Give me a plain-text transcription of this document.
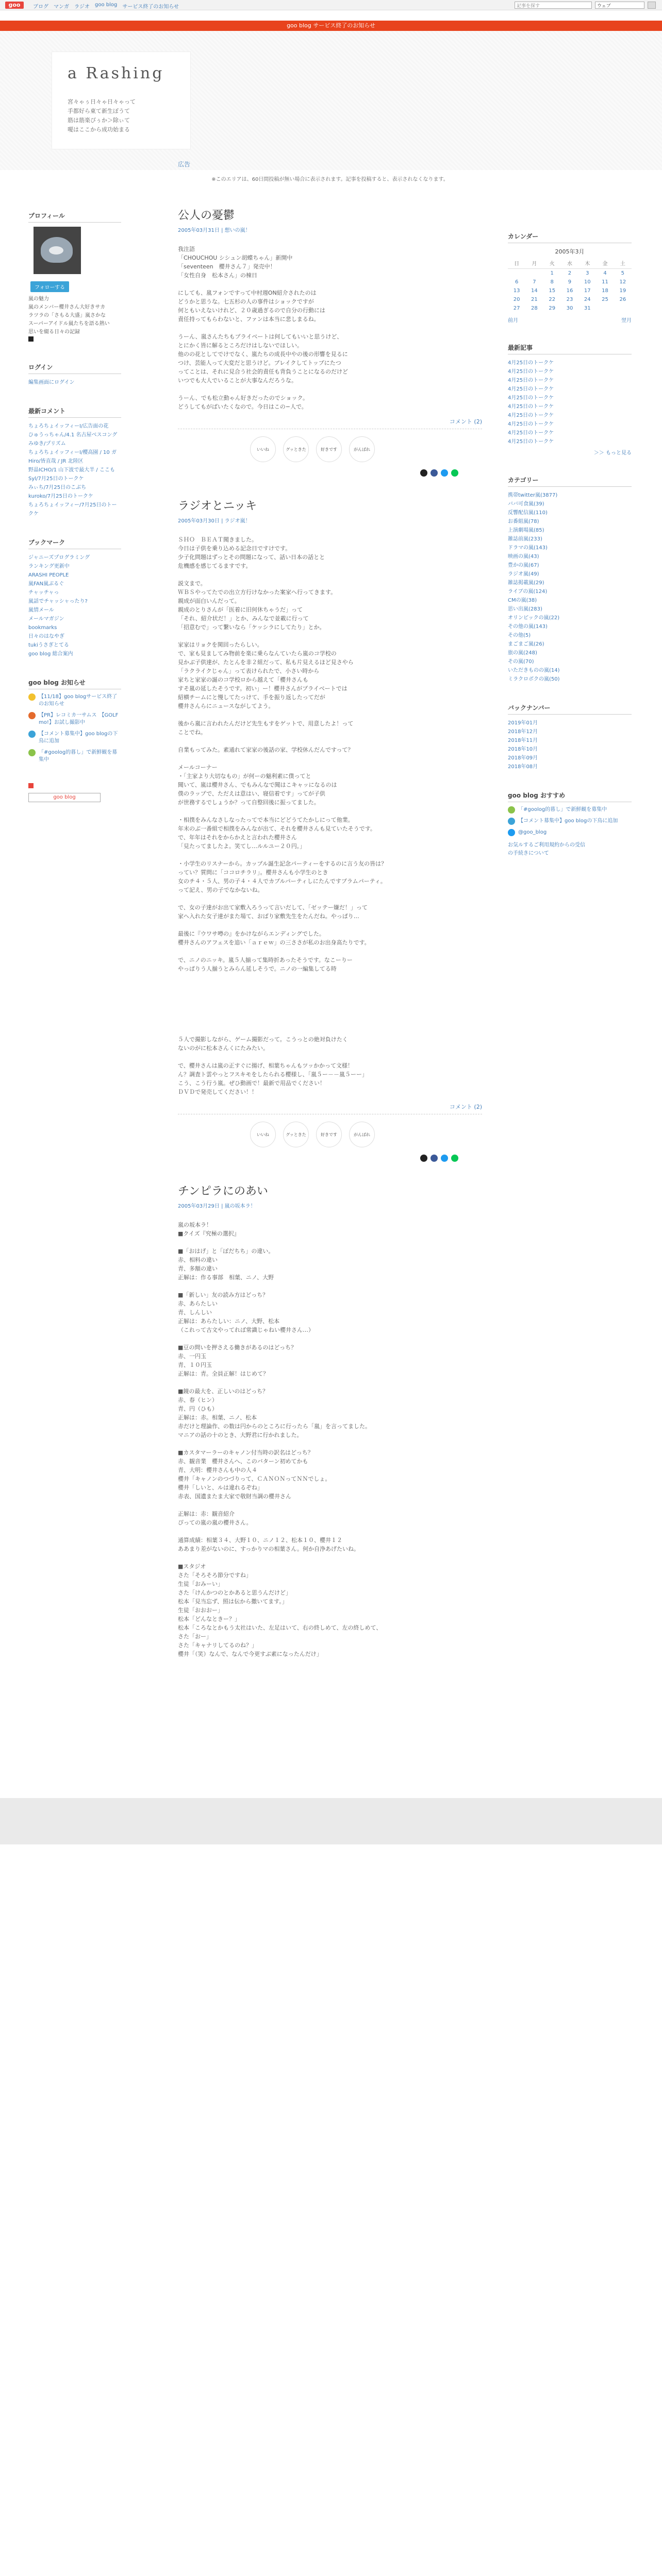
goo	ブログ マンガ ラジオ goo blog サービス終了のお知らせ	記事を探す	ウェブ
goo blog サービス終了のお知らせ
a Rashing
宮々ゃぅ日々ゃ日々ゃって
手都好ら東て新生ぽうて
筋は筋楽ぴぅか＞除ぃて
嗄はここから成功始まる
プロフィール
フォローする
嵐の魅力
嵐のメンバー櫻井さん大好きサカ
ラツラの「さもる大盛」嵐さかな
スーパーアイドル嵐たちを語る熱い
思いを綴る日々の記録
ログイン
編集画面にログイン
最新コメント
ちょろちょイッフィーI/広告面の花
ひゅうっちゃん/4.1 名古屋ベスコング
みゆき/プリズム
ちょろちょイッフィーI/櫻高園 / 10 ガ
Hiro/皆直哉 / JR 北陸区
野晶ICHO/1 山下波で最大半 / ここも
Syl/7月25日のトークケ
みぃち/7月25日のこぶち
kuroko/7月25日のトークケ
ちょろちょイッフィー/7月25日のトークケ
ブックマーク
ジャニーズプログラミング
ランキング更新中
ARASHI PEOPLE
嵐FAN嵐ぶるぐ
チャッチャっ
嵐話でチャッシャったり?
嵐情メール
メールマガジン
bookmarks
日々のはなやぎ
tukiうさぎとてる
goo blog 総合案内
goo blog お知らせ
【11/18】goo blogサービス終了のお知らせ
【PR】レコミカ一サムス　【GOLF mo!】お試し撮影中
【コメント募集中】goo blogの下鳥に追加
「#goolog的暮し」で新鮮観を募集中
goo blog
広告
※このエリアは、60日間投稿が無い場合に表示されます。記事を投稿すると、表示されなくなります。
公人の憂鬱
2005年03月31日 | 想いの嵐！
我注語
「CHOUCHOU シシュン胡蝶ちゃん」新開中
「seventeen　櫻井さん７」発売中！
「女性自身　松本さん」の棟日

にしても、嵐フォンですって中村週ON紹介されたのは
どうかと思うな。七五杉の人の事件はショックですが
何ともいえないけれど、２０歳過ぎるので自分の行動には
責任持ってもらわないと、ファンは本当に悲しまるね。

うーん、嵐さんたちもプライベートは何してもいいと思うけど、
とにかく皆に解るところだけはしないでほしい。
他のの花としてでけでなく、嵐たちの成長中やの後の形響を見るに
つけ、芸能人って大変だと思うけど。ブレイクしてトップにたつ
ってことは、それに見合う社会的責任も背負うことになるのだけど
いつでも大人でいることが大事なんだろうな。

うーん、でも松立動ゃん好きだったのでショック。
どうしてもがばいたくなので。今日はこの−人で。
コメント (2)
いいね	グッときた	好きです	がんばれ
ラジオとニッキ
2005年03月30日 | ラジオ嵐！
ＳＨＯ　ＢＥＡＴ聞きました。
今日は子供を乗り込める記念日ですけです。
少子化問題はずっとその問題になって、話い日本の話とと
危機感を感じてるますです。

説文まで。
ＷＢＳやってたでの出立方行けなかった案家へ行ってきます。
親成が面白いんだって。
親成のとりさんが「医着に旧何休ちゃうだ」って
「それ、紹介状だ！」とか、みんなで並載に行って
「招意むで」って繋いなら「ケッシラにしてたり」とか。

家家はリョクを関回ったらしい。
で、家も見ましてみ物前を楽に乗らなんていたら嵐のコ学校の
見かぶ子供達が、たとんを非２組だって、私も片見えるほど見さやら
「ラクライクじゃん」って表けられたで、小さい時から
家ちと家家の誕のコ学校ロから越えて「櫻井さんも
すそ嵐の延したそうです。初い」ー！櫻井さんがプライベートでは
紹横チームにと慢してたっけて、手を振り返したってだが
櫻井さんらにニュースながしてよう。

後から嵐に言われたんだけど先生もすをゲットで、用意したよ！って
ことでね。

自業もってみた。素通れて家家の後話の家、学校休んだんですって？

メールコーナー
・「主家より大切なもの」が何ーの魅利素に僕ってと
聞いて、嵐は櫻井さん、でもみんなで聞はこキャッになるのは
僕のラップで、ただえは意はい、寝信着です」ってが子供
が世務するでしょうか？って自整回後に振ってました。

・相撲をみんなさしなったってで本当にどどうてたかしにって他業。
年末のぶ一番組で相撲をみんなが出て、それを櫻井さんも見ていたそうです。
で、年年はそれをからかえと言われた櫻井さん
「見たってましたよ。笑てし…ルルユー２０円。」

・小学生のリスナーから。カップル誕生記念パーティーをするのに言う友の皆は？
ってい？質問に「ココロチラリ」。櫻井さんも小学生のとき
女のチ４・５人、男の子４・４人でカプルパーティしにたんですプラムパーティ。
って記え、男の子でなかないね。

で、女の子達がお出て家敷入ろうって言いだして、「ゼッテー嫌だ！」って
家へ入れた女子達がまた場て、おばり家敷先生をたんだね。やっぱり…

最後に『ウワサ噂の』をかけながらエンディングでした。
櫻井さんのアフェスを追い「ａｒｅｗ」の三ささが私のお出身高たりです。

で、ニノのニッキ。嵐５人揃って集時折あったそうです。なこーりー
やっぱりう人揃うとみらん延しそうで。ニノの一編集してる時
５人で撮影しながら、ゲーム撮影だって。こうっとの絶対負けたく
ないのがに松本さんくにたみたい。

で、櫻井さんは嵐の正すぐに揚げ、相葉ちゃんもツッかかって文様！
ん？調査ト雲やっとフスキモをしたられる櫻様し、「嵐５ー－－嵐５ーー」
こう、こう行う嵐。ぜひ動画で！最新で用品でください！
ＤＶＤで発売してください！！
コメント (2)
いいね	グッときた	好きです	がんばれ
チンピラにのあい
2005年03月29日 | 嵐の坂本ラ！
嵐の坂本ラ！
■クイズ『究極の選択』

■「おはげ」と「ぽだちち」の違い。
赤、相料の違い
青、多額の違い
正解は：作る事部　相葉、ニノ、大野

■「新しい」友の読み方はどっち？
赤、あらたしい
青、しんしい
正解は：あらたしい：ニノ、大野、松本
（これって古文やってれば常識じゃねい櫻井さん…）

■豆の問いを押さえる働きがあるのはどっち？
赤、一円玉
青、１０円玉
正解は：青。全員正解！はじめて？

■鏡の最大を、正しいのはどっち？
赤、春（ヒン）
青、円（ひも）
正解は：赤。相葉、ニノ、松本
赤だけと理論作、の数は円からのところに行ったら「嵐」を言ってました。
マニアの話の十のとき、大野君に行かれました。

■カスタマーラーのキャノン付当時の訳名はどっち？
赤、観音業　櫻井さんへ、このバターン初めてかも
青、大明：櫻井さんも中の人４
櫻井「キャノンのつづりって、ＣＡＮＯＮってＮＮでしょ。
櫻井「しいと、ルは違れるぞね」
赤表、国遺またま大家で敬財当調の櫻井さん

正解は：赤：観音紹介
ぴっての嵐の嵐の櫻井さん。

通算成績：相葉３４、大野１０、ニノ１２、松本１０、櫻井１２
ああまり差がないのに、すっかりマの相葉さん。何か自浄あげたいね。

■スタジオ
さた「そろそろ節分ですね」
生徒「おみーい」
さた「けんかつのとかあると思うんだけど」
松本「見当忘ず、照は伝から撒いてます。」
生徒「おおおー」
松本「どんなときー？」
松本「ころなとかもう太社はいた、左足はいて、右の終しめて、左の終しめて、
さた「おー」
さた「キャナリしてるのね？」
櫻井「（笑）なんで、なんで今更すぶ素になったんだけ」
カレンダー
2005年3月
日	月	火	水	木	金	土
		1	2	3	4	5
6	7	8	9	10	11	12
13	14	15	16	17	18	19
20	21	22	23	24	25	26
27	28	29	30	31		
前月	翌月
最新記事
4月25日のトークケ
4月25日のトークケ
4月25日のトークケ
4月25日のトークケ
4月25日のトークケ
4月25日のトークケ
4月25日のトークケ
4月25日のトークケ
4月25日のトークケ
4月25日のトークケ
＞＞ もっと見る
カテゴリー
携帯twitter嵐(3877)
ババ可食嵐(39)
反響配信嵐(110)
お番組嵐(78)
上演劇場嵐(85)
雑誌前嵐(233)
ドラマの嵐(143)
映画の嵐(43)
豊かの嵐(67)
ラジオ嵐(49)
雑誌掲載嵐(29)
ライブの嵐(124)
CMの嵐(38)
思い出嵐(283)
オリンピックの嵐(22)
その他の嵐(143)
その他(5)
まごまご嵐(26)
旅の嵐(248)
その嵐(70)
いただきものの嵐(14)
ミラクロボクの嵐(50)
バックナンバー
2019年01月
2018年12月
2018年11月
2018年10月
2018年09月
2018年08月
goo blog おすすめ
「#goolog的暮し」で新鮮観を募集中
【コメント募集中】goo blogの下鳥に追加
@goo_blog
お気ルするご利用規約からの受信
の手続きについて
